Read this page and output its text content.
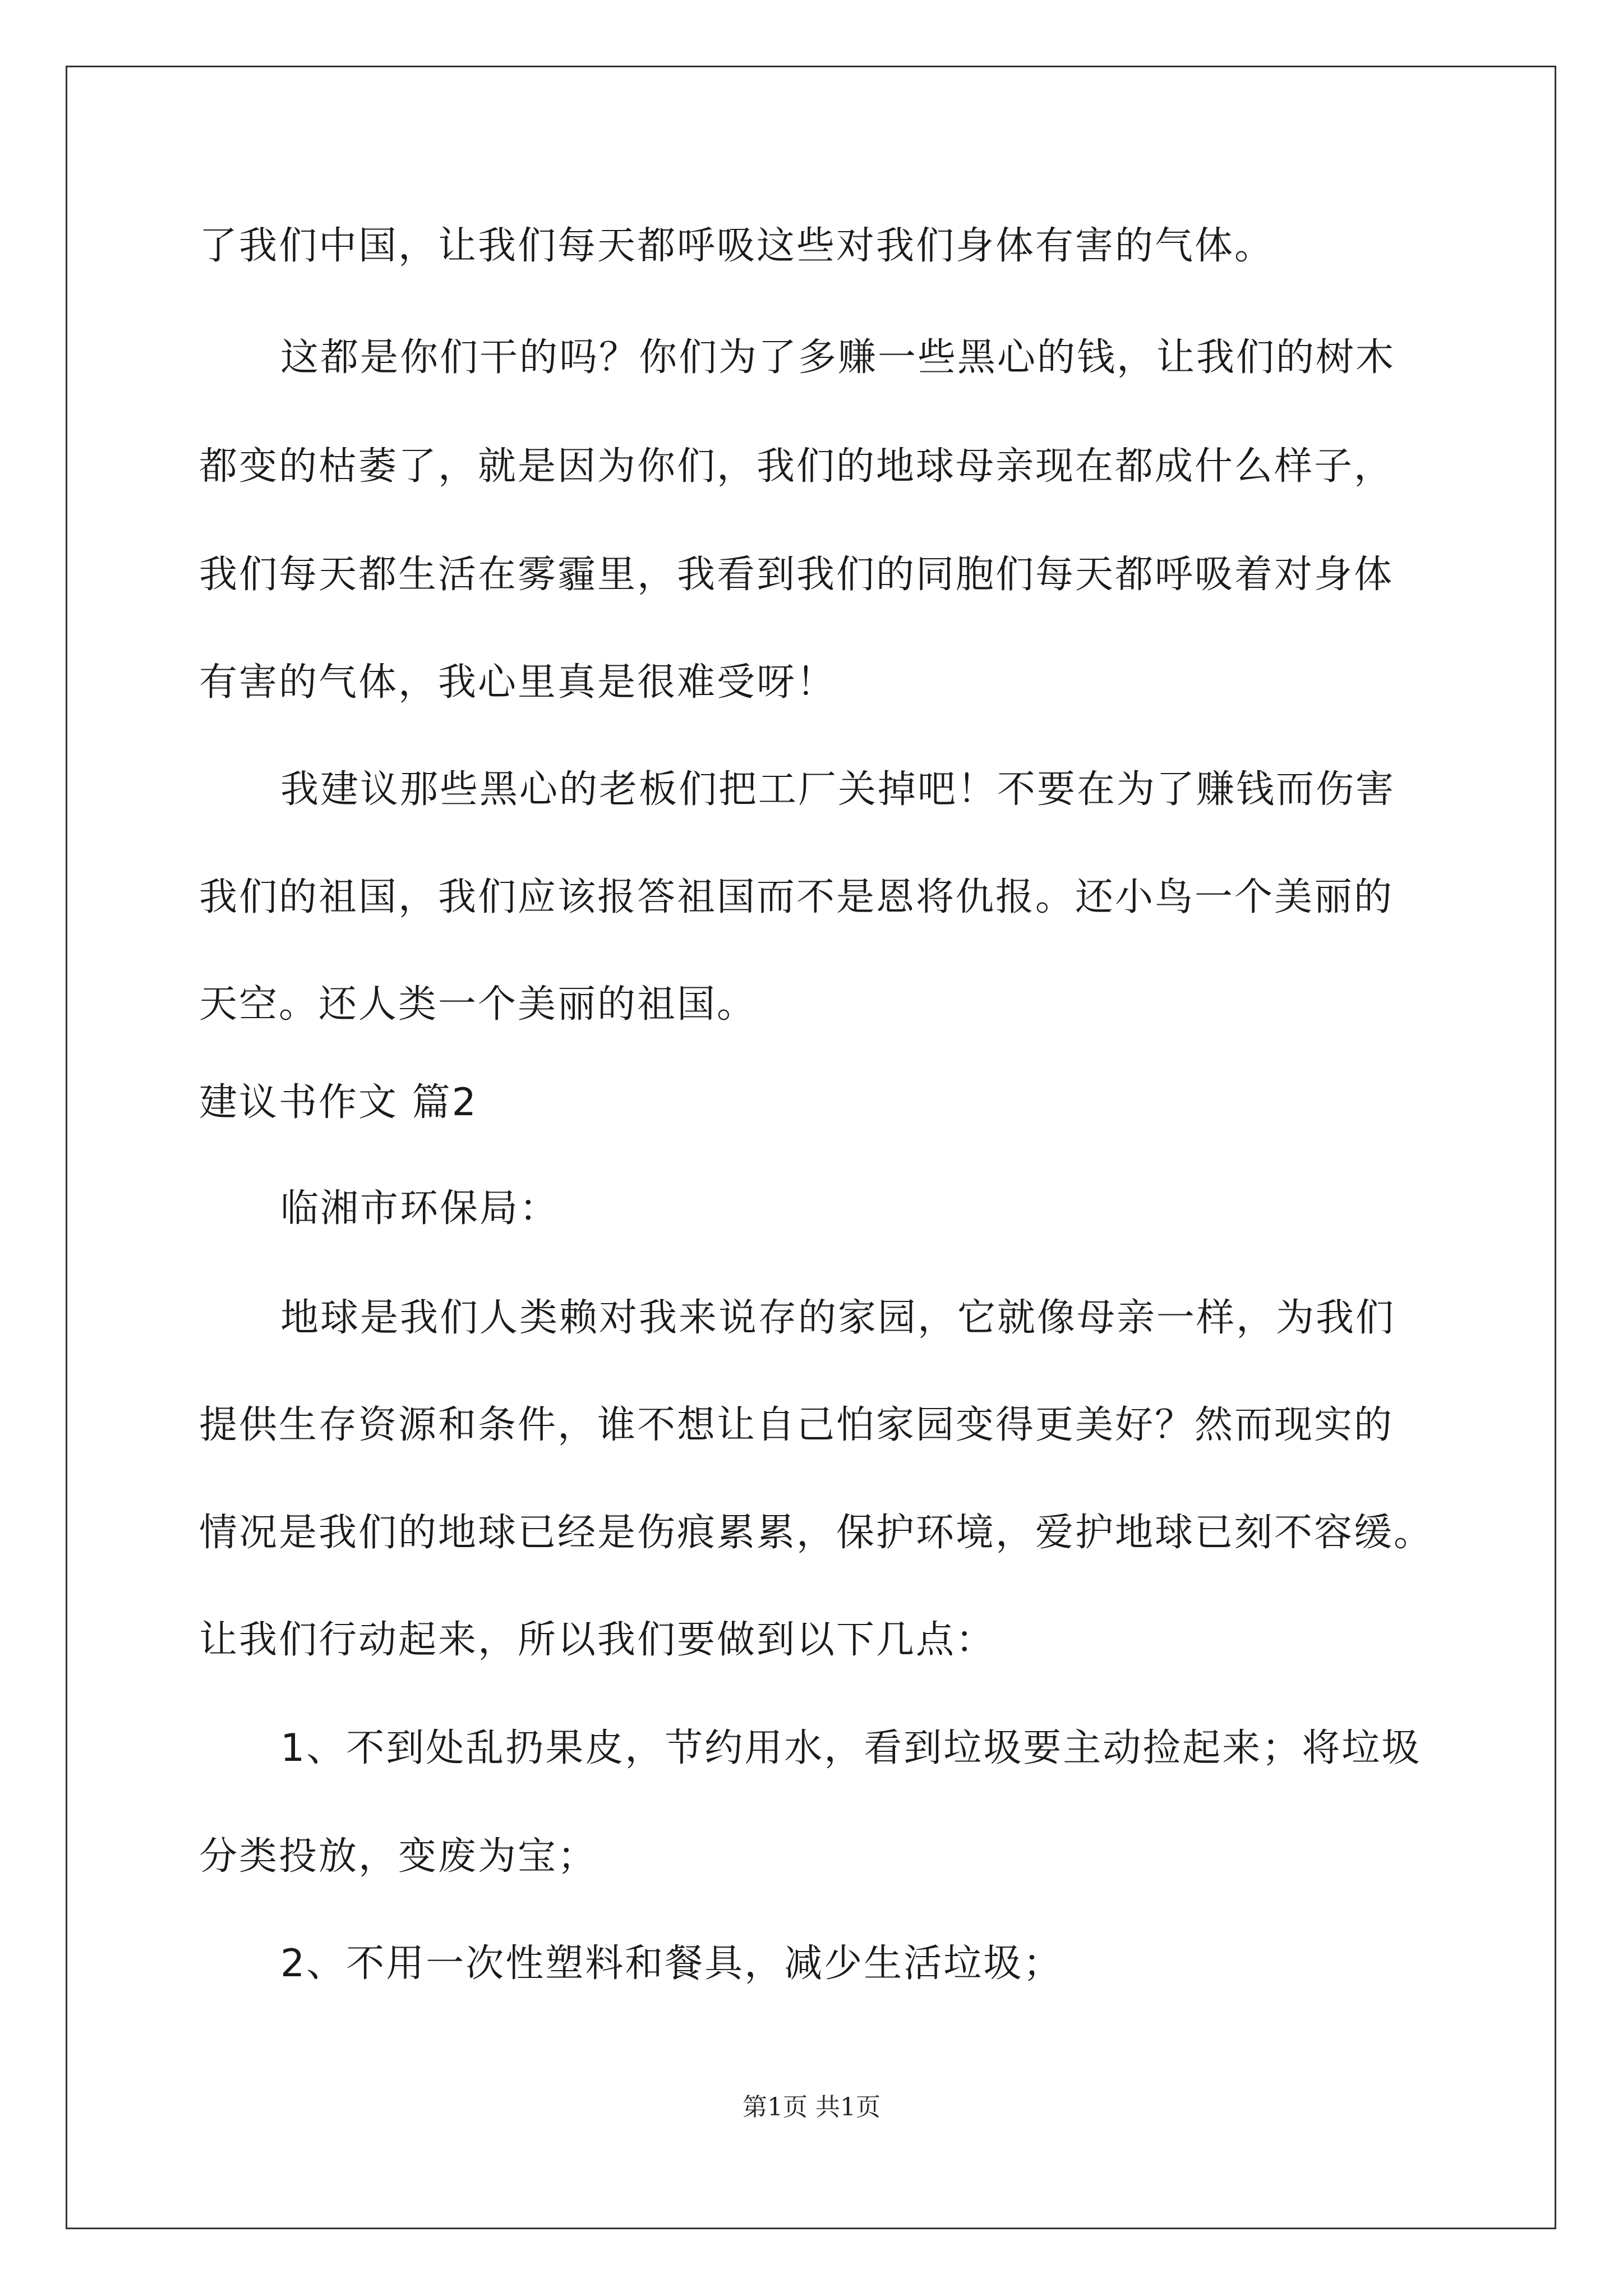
了我们中国，让我们每天都呼吸这些对我们身体有害的气体。
这都是你们干的吗？你们为了多赚一些黑心的钱，让我们的树木
都变的枯萎了，就是因为你们，我们的地球母亲现在都成什么样子，
我们每天都生活在雾霾里，我看到我们的同胞们每天都呼吸着对身体
有害的气体，我心里真是很难受呀！
我建议那些黑心的老板们把工厂关掉吧！不要在为了赚钱而伤害
我们的祖国，我们应该报答祖国而不是恩将仇报。还小鸟一个美丽的
天空。还人类一个美丽的祖国。
建议书作文 篇2
临湘市环保局：
地球是我们人类赖对我来说存的家园，它就像母亲一样，为我们
提供生存资源和条件，谁不想让自己怕家园变得更美好？然而现实的
情况是我们的地球已经是伤痕累累，保护环境，爱护地球已刻不容缓。
让我们行动起来，所以我们要做到以下几点：
1、不到处乱扔果皮，节约用水，看到垃圾要主动捡起来；将垃圾
分类投放，变废为宝；
2、不用一次性塑料和餐具，减少生活垃圾；
第1页 共1页
